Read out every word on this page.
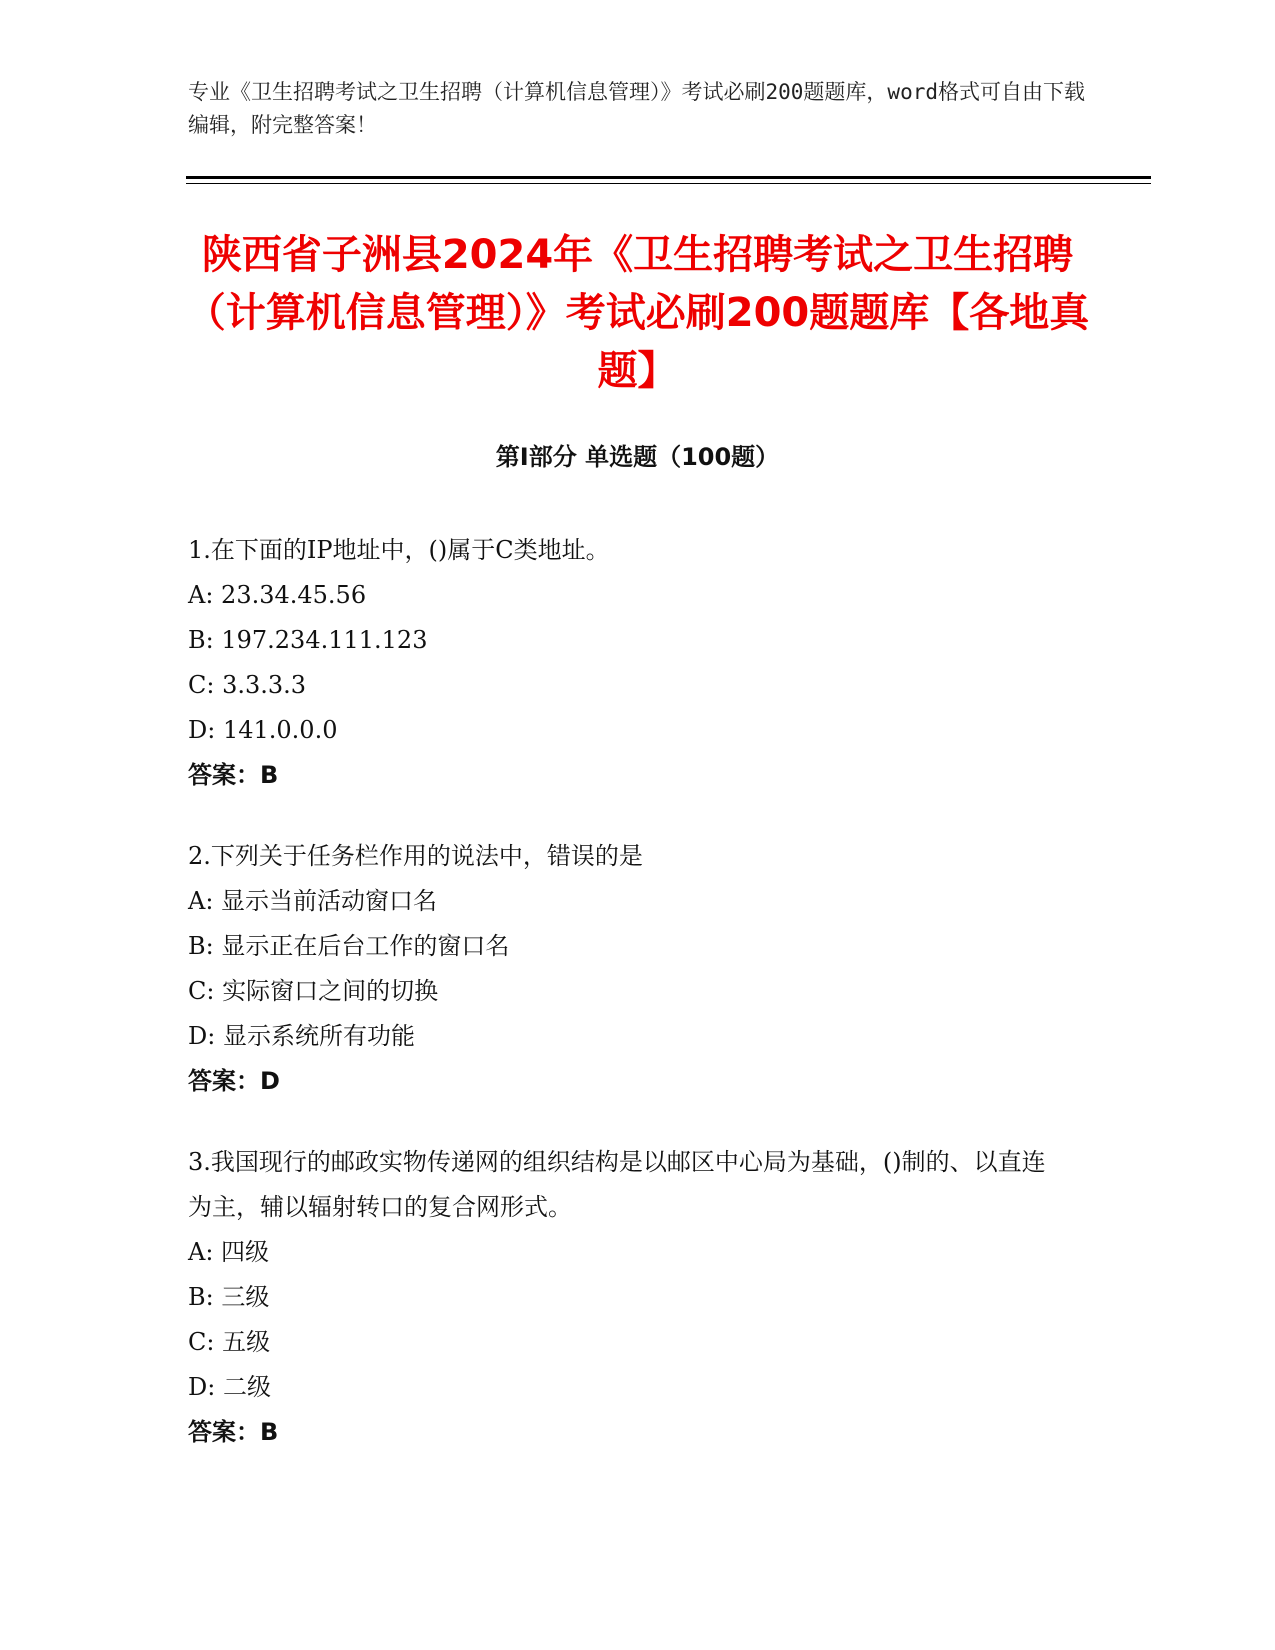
专业《卫生招聘考试之卫生招聘（计算机信息管理）》考试必刷200题题库，word格式可自由下载编辑，附完整答案！
陕西省子洲县2024年《卫生招聘考试之卫生招聘（计算机信息管理）》考试必刷200题题库【各地真题】
第Ⅰ部分 单选题（100题）
1.在下面的IP地址中，()属于C类地址。
A: 23.34.45.56
B: 197.234.111.123
C: 3.3.3.3
D: 141.0.0.0
答案：B
2.下列关于任务栏作用的说法中，错误的是
A: 显示当前活动窗口名
B: 显示正在后台工作的窗口名
C: 实际窗口之间的切换
D: 显示系统所有功能
答案：D
3.我国现行的邮政实物传递网的组织结构是以邮区中心局为基础，()制的、以直连为主，辅以辐射转口的复合网形式。
A: 四级
B: 三级
C: 五级
D: 二级
答案：B
